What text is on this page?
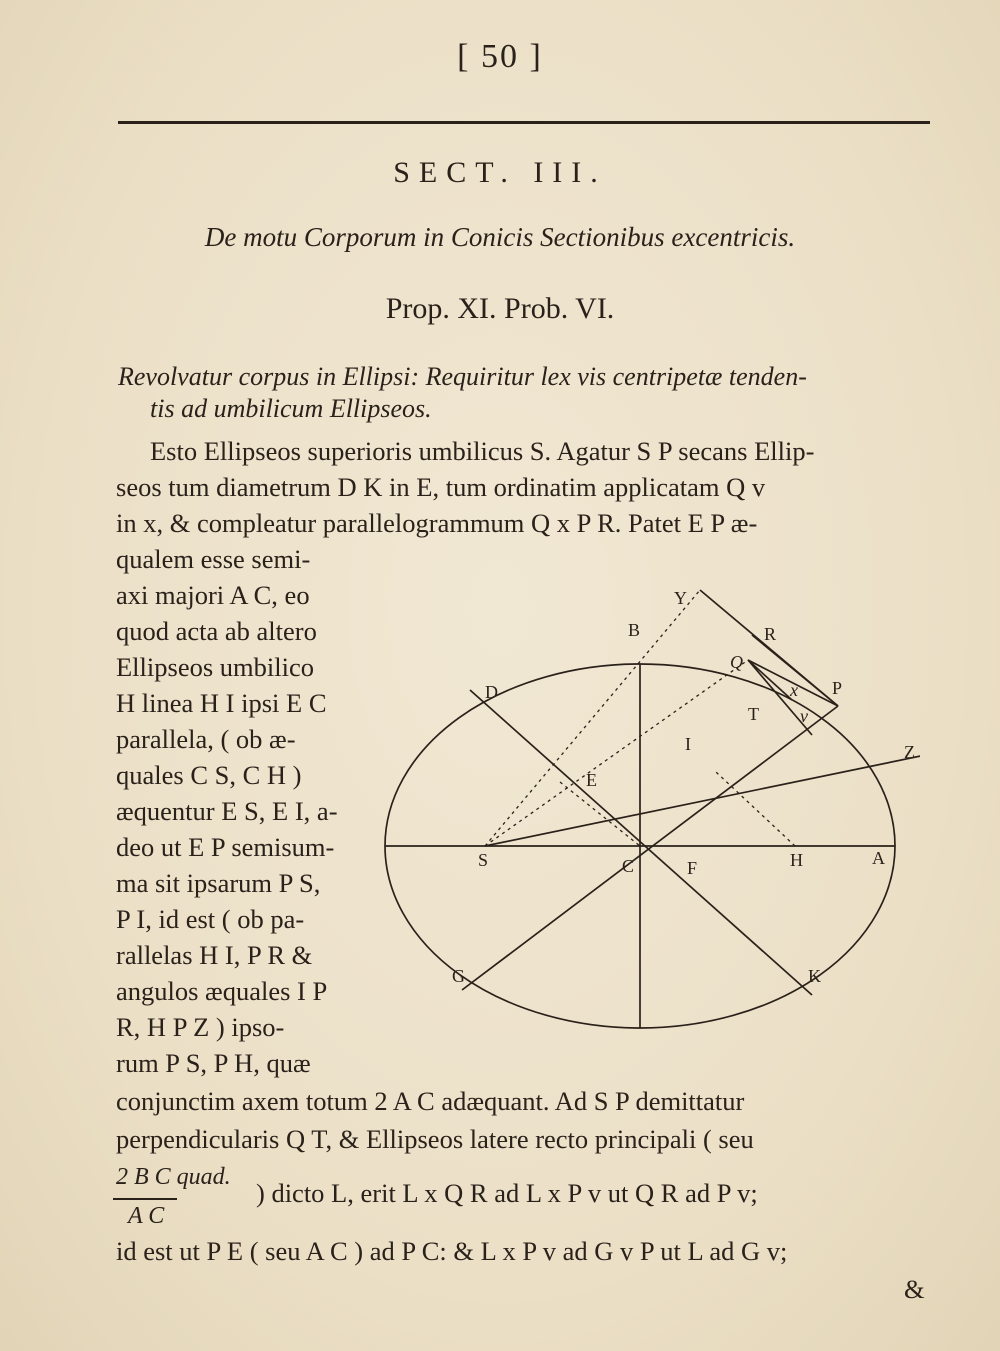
[ 50 ]
SECT. III.
De motu Corporum in Conicis Sectionibus excentricis.
Prop. XI. Prob. VI.
Revolvatur corpus in Ellipsi: Requiritur lex vis centripetæ tenden-
tis ad umbilicum Ellipseos.
Esto Ellipseos superioris umbilicus S. Agatur S P secans Ellip-
seos tum diametrum D K in E, tum ordinatim applicatam Q v
in x, & compleatur parallelogrammum Q x P R. Patet E P æ-
qualem esse semi-
axi majori A C, eo
quod acta ab altero
Ellipseos umbilico
H linea H I ipsi E C
parallela, ( ob æ-
quales C S, C H )
æquentur E S, E I, a-
deo ut E P semisum-
ma sit ipsarum P S,
P I, id est ( ob pa-
rallelas H I, P R &
angulos æquales I P
R, H P Z ) ipso-
rum P S, P H, quæ
conjunctim axem totum 2 A C adæquant. Ad S P demittatur
perpendicularis Q T, & Ellipseos latere recto principali ( seu
2 B C quad.
A C
) dicto L, erit L x Q R ad L x P v ut Q R ad P v;
id est ut P E ( seu A C ) ad P C: & L x P v ad G v P ut L ad G v;
&
Y
R
B
Q
P
D	x
T v
Z
I
E
S	C	F	H	A
G	K
